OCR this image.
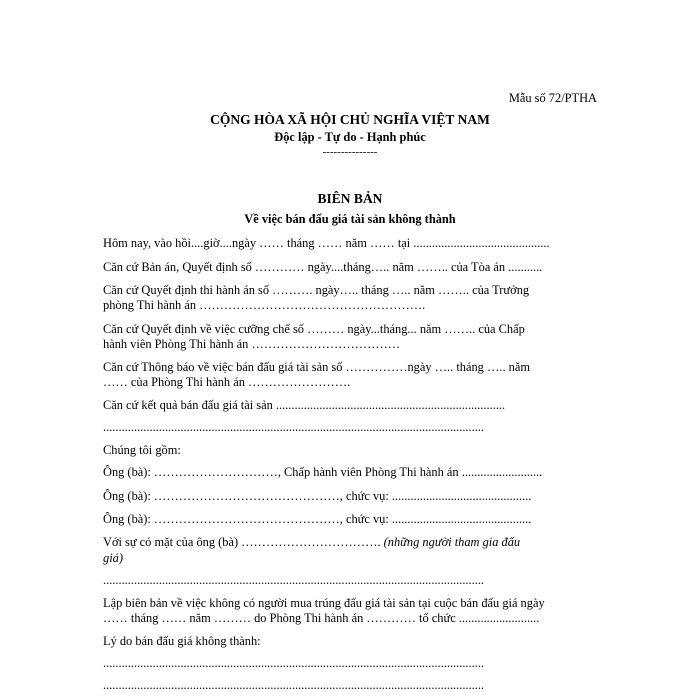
Mẫu số 72/PTHA
CỘNG HÒA XÃ HỘI CHỦ NGHĨA VIỆT NAM
Độc lập - Tự do - Hạnh phúc
---------------
BIÊN BẢN
Về việc bán đấu giá tài sản không thành
Hôm nay, vào hồi....giờ....ngày …… tháng …… năm …… tại ............................................
Căn cứ Bản án, Quyết định số ………… ngày....tháng….. năm …….. của Tòa án ...........
Căn cứ Quyết định thi hành án số ………. ngày….. tháng ….. năm …….. của Trưởng
phòng Thi hành án ……………………………………………….
Căn cứ Quyết định về việc cưỡng chế số ……… ngày...tháng... năm …….. của Chấp
hành viên Phòng Thi hành án ………………………………
Căn cứ Thông báo về việc bán đấu giá tài sản số ……………ngày ….. tháng ….. năm
…… của Phòng Thi hành án …………………….
Căn cứ kết quả bán đấu giá tài sản ..........................................................................
...........................................................................................................................
Chúng tôi gồm:
Ông (bà): …………………………, Chấp hành viên Phòng Thi hành án ..........................
Ông (bà): ………………………………………, chức vụ: .............................................
Ông (bà): ………………………………………, chức vụ: .............................................
Với sự có mặt của ông (bà) ……………………………. (những người tham gia đấu
giá)
...........................................................................................................................
Lập biên bản về việc không có người mua trúng đấu giá tài sản tại cuộc bán đấu giá ngày
…… tháng …… năm ……… do Phòng Thi hành án ………… tổ chức ..........................
Lý do bán đấu giá không thành:
...........................................................................................................................
...........................................................................................................................
